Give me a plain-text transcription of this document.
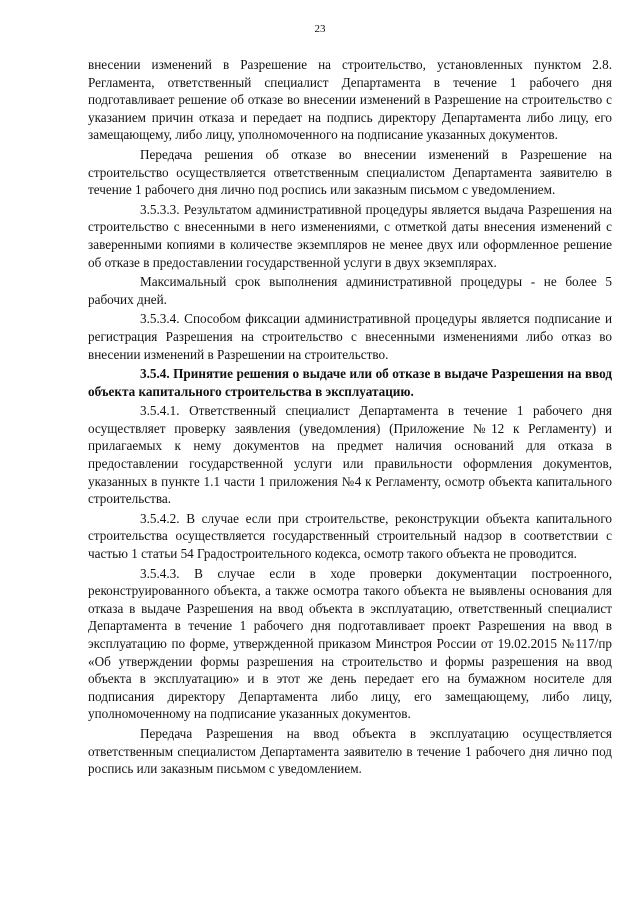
23

внесении изменений в Разрешение на строительство, установленных пунктом 2.8. Регламента, ответственный специалист Департамента в течение 1 рабочего дня подготавливает решение об отказе во внесении изменений в Разрешение на строительство с указанием причин отказа и передает на подпись директору Департамента либо лицу, его замещающему, либо лицу, уполномоченного на подписание указанных документов.

Передача решения об отказе во внесении изменений в Разрешение на строительство осуществляется ответственным специалистом Департамента заявителю в течение 1 рабочего дня лично под роспись или заказным письмом с уведомлением.

3.5.3.3. Результатом административной процедуры является выдача Разрешения на строительство с внесенными в него изменениями, с отметкой даты внесения изменений с заверенными копиями в количестве экземпляров не менее двух или оформленное решение об отказе в предоставлении государственной услуги в двух экземплярах.

Максимальный срок выполнения административной процедуры - не более 5 рабочих дней.

3.5.3.4. Способом фиксации административной процедуры является подписание и регистрация Разрешения на строительство с внесенными изменениями либо отказ во внесении изменений в Разрешении на строительство.

3.5.4. Принятие решения о выдаче или об отказе в выдаче Разрешения на ввод объекта капитального строительства в эксплуатацию.

3.5.4.1. Ответственный специалист Департамента в течение 1 рабочего дня осуществляет проверку заявления (уведомления) (Приложение №12 к Регламенту) и прилагаемых к нему документов на предмет наличия оснований для отказа в предоставлении государственной услуги или правильности оформления документов, указанных в пункте 1.1 части 1 приложения №4 к Регламенту, осмотр объекта капитального строительства.

3.5.4.2. В случае если при строительстве, реконструкции объекта капитального строительства осуществляется государственный строительный надзор в соответствии с частью 1 статьи 54 Градостроительного кодекса, осмотр такого объекта не проводится.

3.5.4.3. В случае если в ходе проверки документации построенного, реконструированного объекта, а также осмотра такого объекта не выявлены основания для отказа в выдаче Разрешения на ввод объекта в эксплуатацию, ответственный специалист Департамента в течение 1 рабочего дня подготавливает проект Разрешения на ввод в эксплуатацию по форме, утвержденной приказом Минстроя России от 19.02.2015 №117/пр «Об утверждении формы разрешения на строительство и формы разрешения на ввод объекта в эксплуатацию» и в этот же день передает его на бумажном носителе для подписания директору Департамента либо лицу, его замещающему, либо лицу, уполномоченному на подписание указанных документов.

Передача Разрешения на ввод объекта в эксплуатацию осуществляется ответственным специалистом Департамента заявителю в течение 1 рабочего дня лично под роспись или заказным письмом с уведомлением.
